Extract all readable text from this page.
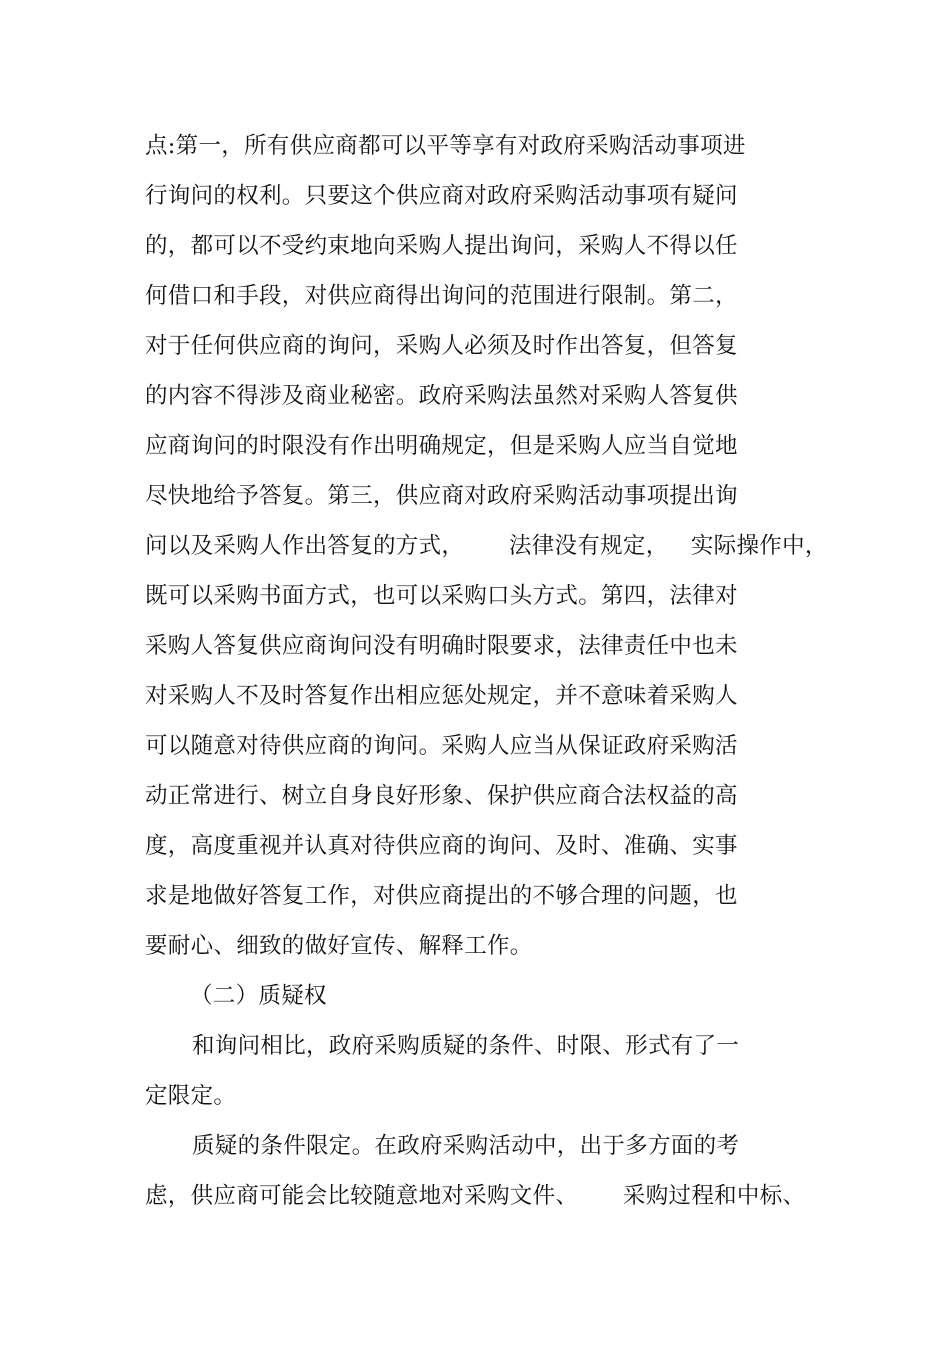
点:第一，所有供应商都可以平等享有对政府采购活动事项进
行询问的权利。只要这个供应商对政府采购活动事项有疑问
的，都可以不受约束地向采购人提出询问，采购人不得以任
何借口和手段，对供应商得出询问的范围进行限制。第二，
对于任何供应商的询问，采购人必须及时作出答复，但答复
的内容不得涉及商业秘密。政府采购法虽然对采购人答复供
应商询问的时限没有作出明确规定，但是采购人应当自觉地
尽快地给予答复。第三，供应商对政府采购活动事项提出询
问以及采购人作出答复的方式，      法律没有规定，   实际操作中，
既可以采购书面方式，也可以采购口头方式。第四，法律对
采购人答复供应商询问没有明确时限要求，法律责任中也未
对采购人不及时答复作出相应惩处规定，并不意味着采购人
可以随意对待供应商的询问。采购人应当从保证政府采购活
动正常进行、树立自身良好形象、保护供应商合法权益的高
度，高度重视并认真对待供应商的询问、及时、准确、实事
求是地做好答复工作，对供应商提出的不够合理的问题，也
要耐心、细致的做好宣传、解释工作。
（二）质疑权
和询问相比，政府采购质疑的条件、时限、形式有了一
定限定。
质疑的条件限定。在政府采购活动中，出于多方面的考
虑，供应商可能会比较随意地对采购文件、      采购过程和中标、
